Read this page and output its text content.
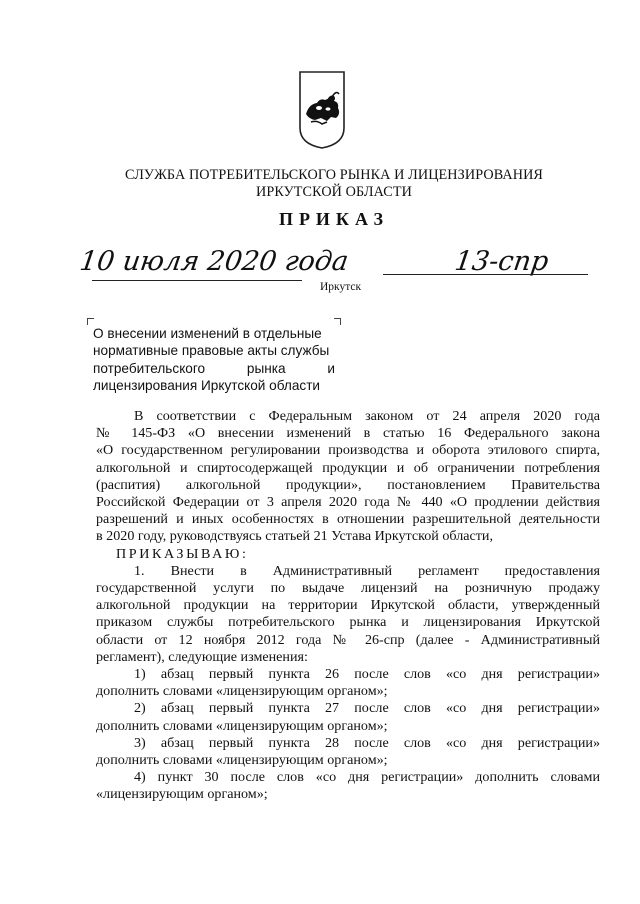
СЛУЖБА ПОТРЕБИТЕЛЬСКОГО РЫНКА И ЛИЦЕНЗИРОВАНИЯ
ИРКУТСКОЙ ОБЛАСТИ
ПРИКАЗ
10 июля 2020 года	13-спр
Иркутск
О внесении изменений в отдельные
нормативные правовые акты службы
потребительского рынка и
лицензирования Иркутской области

В соответствии с Федеральным законом от 24 апреля 2020 года

№ 145-ФЗ «О внесении изменений в статью 16 Федерального закона

«О государственном регулировании производства и оборота этилового спирта,

алкогольной и спиртосодержащей продукции и об ограничении потребления

(распития) алкогольной продукции», постановлением Правительства

Российской Федерации от 3 апреля 2020 года № 440 «О продлении действия

разрешений и иных особенностях в отношении разрешительной деятельности

в 2020 году, руководствуясь статьей 21 Устава Иркутской области,

ПРИКАЗЫВАЮ:

1. Внести в Административный регламент предоставления

государственной услуги по выдаче лицензий на розничную продажу

алкогольной продукции на территории Иркутской области, утвержденный

приказом службы потребительского рынка и лицензирования Иркутской

области от 12 ноября 2012 года № 26-спр (далее - Административный

регламент), следующие изменения:

1) абзац первый пункта 26 после слов «со дня регистрации»

дополнить словами «лицензирующим органом»;

2) абзац первый пункта 27 после слов «со дня регистрации»

дополнить словами «лицензирующим органом»;

3) абзац первый пункта 28 после слов «со дня регистрации»

дополнить словами «лицензирующим органом»;

4) пункт 30 после слов «со дня регистрации» дополнить словами

«лицензирующим органом»;
